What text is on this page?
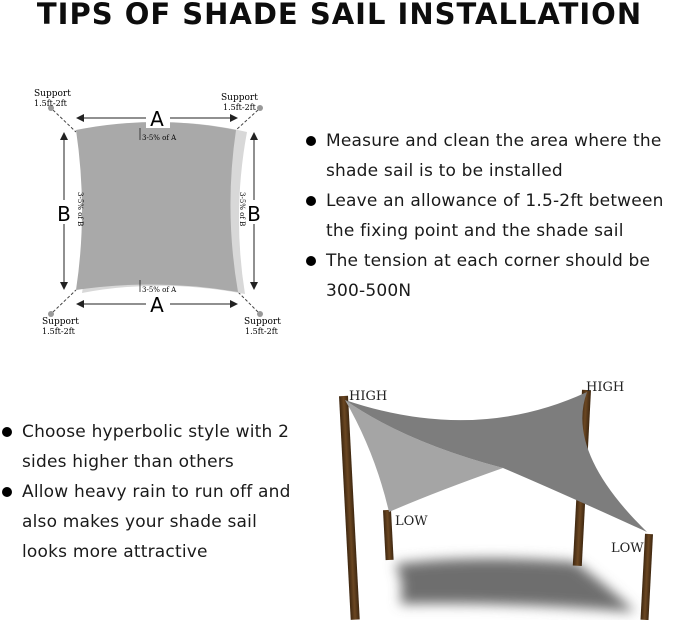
TIPS OF SHADE SAIL INSTALLATION
A
3-5% of A
A
3-5% of A
B 3-5% of B	B
3-5% of B
Support
1.5ft-2ft
Support
1.5ft-2ft
Support
1.5ft-2ft
Support
1.5ft-2ft
Measure and clean the area where the shade sail is to be installed
Leave an allowance of 1.5-2ft between the fixing point and the shade sail
The tension at each corner should be 300-500N
Choose hyperbolic style with 2 sides higher than others
Allow heavy rain to run off and also makes your shade sail looks more attractive
HIGH
HIGH
LOW
LOW
